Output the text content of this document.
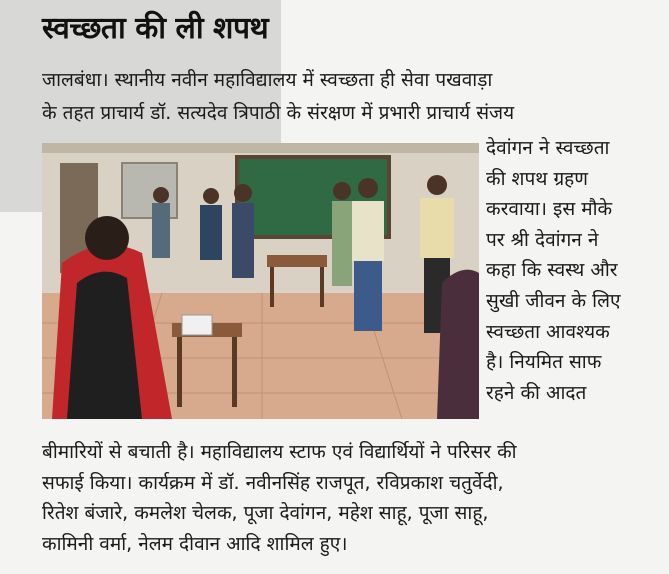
स्वच्छता की ली शपथ

जालबंधा। स्थानीय नवीन महाविद्यालय में स्वच्छता ही सेवा पखवाड़ा

के तहत प्राचार्य डॉ. सत्यदेव त्रिपाठी के संरक्षण में प्रभारी प्राचार्य संजय

देवांगन ने स्वच्छता
की शपथ ग्रहण
करवाया। इस मौके
पर श्री देवांगन ने
कहा कि स्वस्थ और
सुखी जीवन के लिए
स्वच्छता आवश्यक
है। नियमित साफ
रहने की आदत
बीमारियों से बचाती है। महाविद्यालय स्टाफ एवं विद्यार्थियों ने परिसर की
सफाई किया। कार्यक्रम में डॉ. नवीनसिंह राजपूत, रविप्रकाश चतुर्वेदी,
रितेश बंजारे, कमलेश चेलक, पूजा देवांगन, महेश साहू, पूजा साहू,
कामिनी वर्मा, नेलम दीवान आदि शामिल हुए।
